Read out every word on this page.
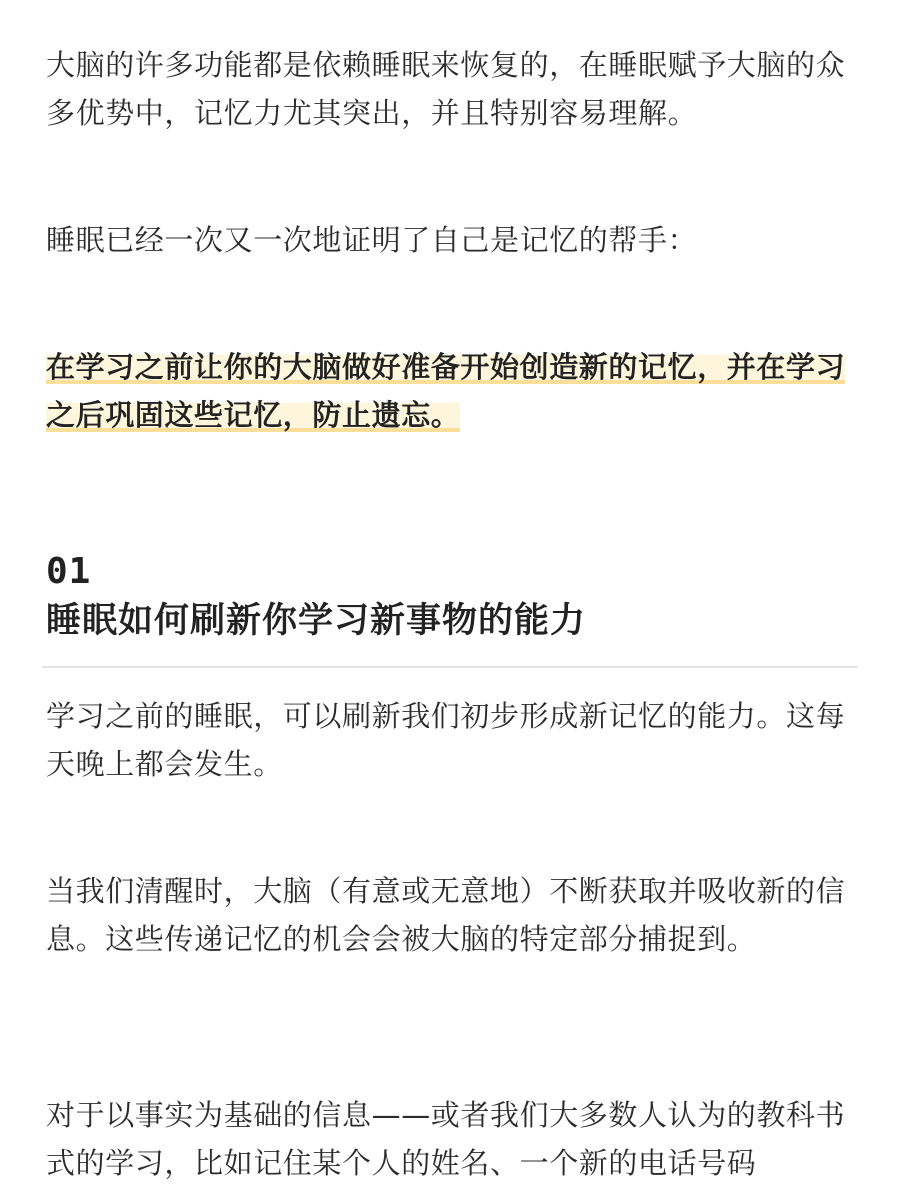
大脑的许多功能都是依赖睡眠来恢复的，在睡眠赋予大脑的众多优势中，记忆力尤其突出，并且特别容易理解。

睡眠已经一次又一次地证明了自己是记忆的帮手：

在学习之前让你的大脑做好准备开始创造新的记忆，并在学习之后巩固这些记忆，防止遗忘。

01
睡眠如何刷新你学习新事物的能力

学习之前的睡眠，可以刷新我们初步形成新记忆的能力。这每天晚上都会发生。

当我们清醒时，大脑（有意或无意地）不断获取并吸收新的信息。这些传递记忆的机会会被大脑的特定部分捕捉到。

对于以事实为基础的信息——或者我们大多数人认为的教科书式的学习，比如记住某个人的姓名、一个新的电话号码
